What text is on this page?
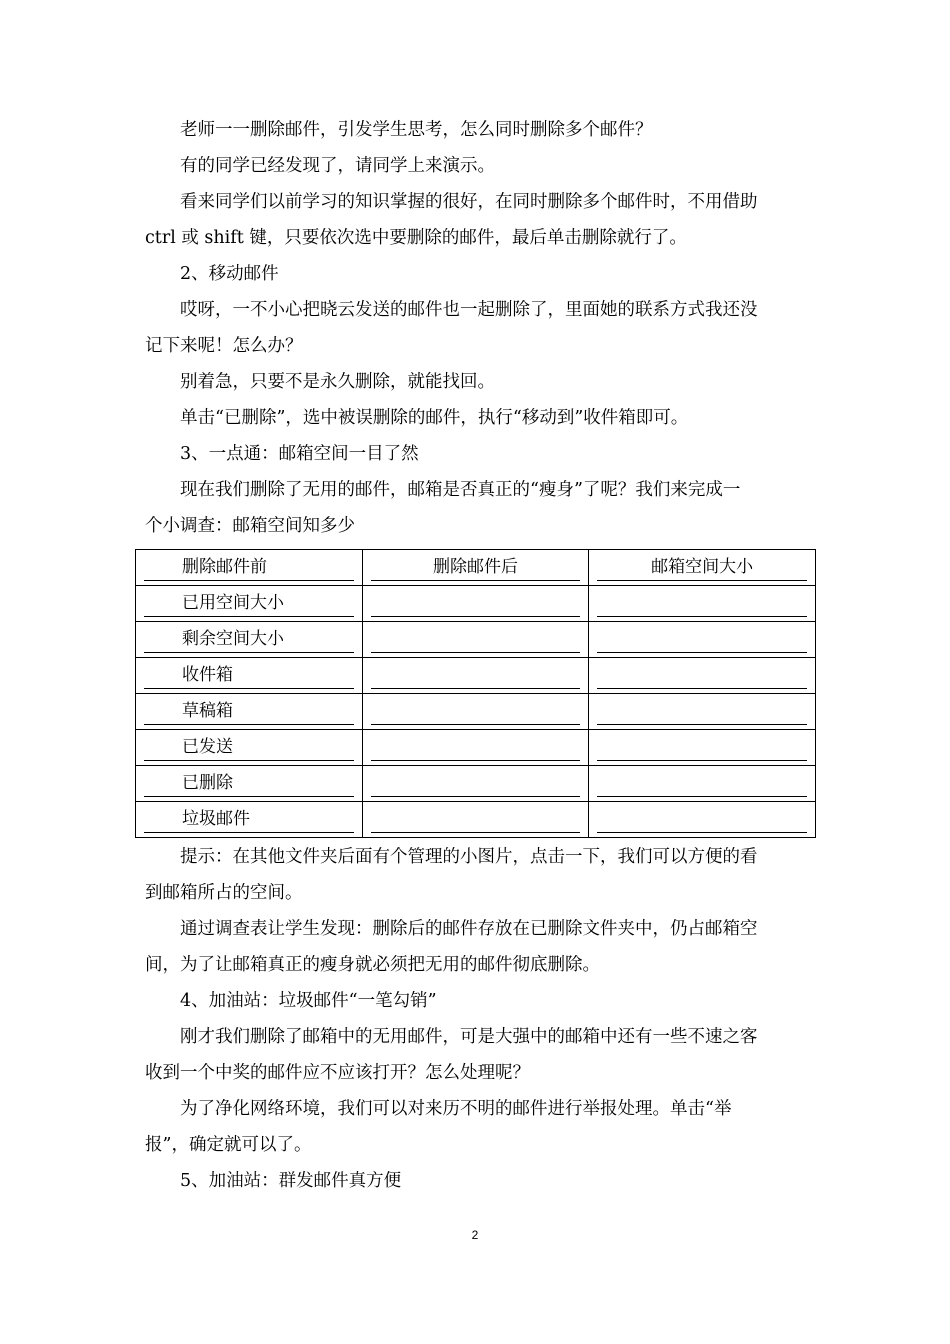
老师一一删除邮件，引发学生思考，怎么同时删除多个邮件？

有的同学已经发现了，请同学上来演示。

看来同学们以前学习的知识掌握的很好，在同时删除多个邮件时，不用借助

ctrl 或 shift 键，只要依次选中要删除的邮件，最后单击删除就行了。

2、移动邮件

哎呀，一不小心把晓云发送的邮件也一起删除了，里面她的联系方式我还没

记下来呢！怎么办？

别着急，只要不是永久删除，就能找回。

单击“已删除”，选中被误删除的邮件，执行“移动到”收件箱即可。

3、一点通：邮箱空间一目了然

现在我们删除了无用的邮件，邮箱是否真正的“瘦身”了呢？我们来完成一

个小调查：邮箱空间知多少

删除邮件前	删除邮件后	邮箱空间大小

已用空间大小		

剩余空间大小		

收件箱		

草稿箱		

已发送		

已删除		

垃圾邮件		

提示：在其他文件夹后面有个管理的小图片，点击一下，我们可以方便的看

到邮箱所占的空间。

通过调查表让学生发现：删除后的邮件存放在已删除文件夹中，仍占邮箱空

间，为了让邮箱真正的瘦身就必须把无用的邮件彻底删除。

4、加油站：垃圾邮件“一笔勾销”

刚才我们删除了邮箱中的无用邮件，可是大强中的邮箱中还有一些不速之客

收到一个中奖的邮件应不应该打开？怎么处理呢？

为了净化网络环境，我们可以对来历不明的邮件进行举报处理。单击“举

报”，确定就可以了。

5、加油站：群发邮件真方便

2
